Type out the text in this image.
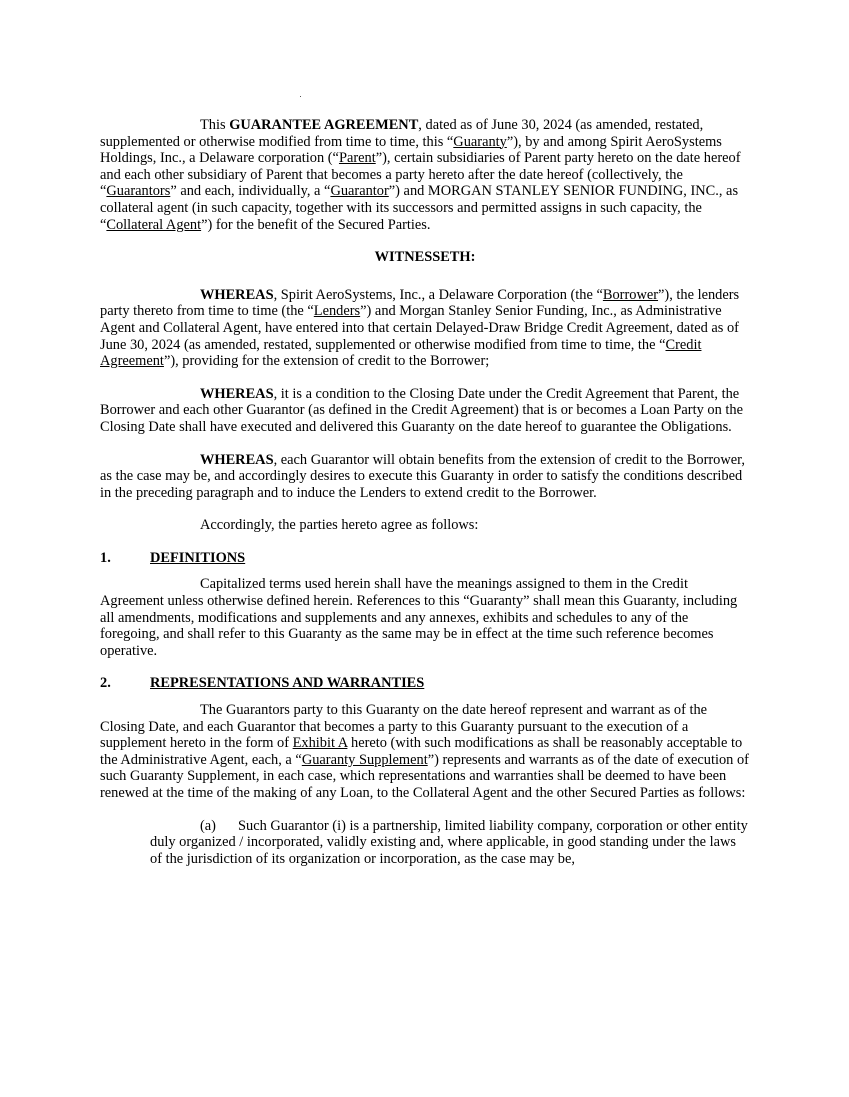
This GUARANTEE AGREEMENT, dated as of June 30, 2024 (as amended, restated, supplemented or otherwise modified from time to time, this “Guaranty”), by and among Spirit AeroSystems Holdings, Inc., a Delaware corporation (“Parent”), certain subsidiaries of Parent party hereto on the date hereof and each other subsidiary of Parent that becomes a party hereto after the date hereof (collectively, the “Guarantors” and each, individually, a “Guarantor”) and MORGAN STANLEY SENIOR FUNDING, INC., as collateral agent (in such capacity, together with its successors and permitted assigns in such capacity, the “Collateral Agent”) for the benefit of the Secured Parties.

WITNESSETH:

WHEREAS, Spirit AeroSystems, Inc., a Delaware Corporation (the “Borrower”), the lenders party thereto from time to time (the “Lenders”) and Morgan Stanley Senior Funding, Inc., as Administrative Agent and Collateral Agent, have entered into that certain Delayed-Draw Bridge Credit Agreement, dated as of June 30, 2024 (as amended, restated, supplemented or otherwise modified from time to time, the “Credit Agreement”), providing for the extension of credit to the Borrower;

WHEREAS, it is a condition to the Closing Date under the Credit Agreement that Parent, the Borrower and each other Guarantor (as defined in the Credit Agreement) that is or becomes a Loan Party on the Closing Date shall have executed and delivered this Guaranty on the date hereof to guarantee the Obligations.

WHEREAS, each Guarantor will obtain benefits from the extension of credit to the Borrower, as the case may be, and accordingly desires to execute this Guaranty in order to satisfy the conditions described in the preceding paragraph and to induce the Lenders to extend credit to the Borrower.

Accordingly, the parties hereto agree as follows:

1.	DEFINITIONS

Capitalized terms used herein shall have the meanings assigned to them in the Credit Agreement unless otherwise defined herein. References to this “Guaranty” shall mean this Guaranty, including all amendments, modifications and supplements and any annexes, exhibits and schedules to any of the foregoing, and shall refer to this Guaranty as the same may be in effect at the time such reference becomes operative.

2.	REPRESENTATIONS AND WARRANTIES

The Guarantors party to this Guaranty on the date hereof represent and warrant as of the Closing Date, and each Guarantor that becomes a party to this Guaranty pursuant to the execution of a supplement hereto in the form of Exhibit A hereto (with such modifications as shall be reasonably acceptable to the Administrative Agent, each, a “Guaranty Supplement”) represents and warrants as of the date of execution of such Guaranty Supplement, in each case, which representations and warranties shall be deemed to have been renewed at the time of the making of any Loan, to the Collateral Agent and the other Secured Parties as follows:

(a) Such Guarantor (i) is a partnership, limited liability company, corporation or other entity duly organized / incorporated, validly existing and, where applicable, in good standing under the laws of the jurisdiction of its organization or incorporation, as the case may be,
